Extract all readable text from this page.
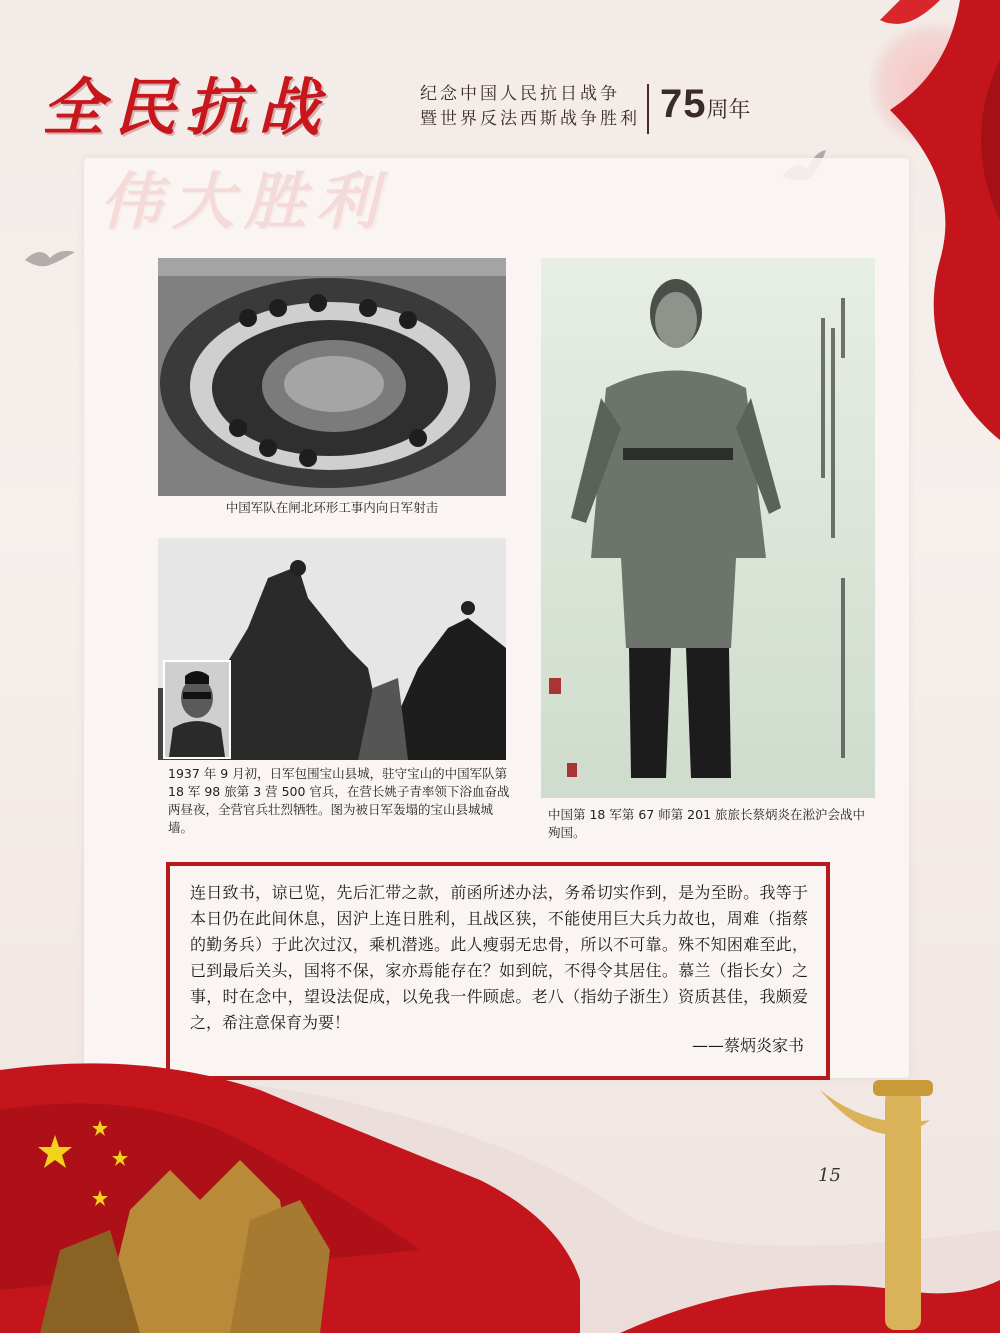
全民抗战	纪念中国人民抗日战争
暨世界反法西斯战争胜利 75周年
中国军队在闸北环形工事内向日军射击
1937 年 9 月初，日军包围宝山县城，驻守宝山的中国军队第 18 军 98 旅第 3 营 500 官兵，在营长姚子青率领下浴血奋战两昼夜，全营官兵壮烈牺牲。图为被日军轰塌的宝山县城城墙。
中国第 18 军第 67 师第 201 旅旅长蔡炳炎在淞沪会战中殉国。

连日致书，谅已览，先后汇带之款，前函所述办法，务希切实作到，是为至盼。我等于本日仍在此间休息，因沪上连日胜利，且战区狭，不能使用巨大兵力故也，周难（指蔡的勤务兵）于此次过汉，乘机潜逃。此人瘦弱无忠骨，所以不可靠。殊不知困难至此，已到最后关头，国将不保，家亦焉能存在？如到皖，不得令其居住。慕兰（指长女）之事，时在念中，望设法促成，以免我一件顾虑。老八（指幼子浙生）资质甚佳，我颇爱之，希注意保育为要！

——蔡炳炎家书
15
